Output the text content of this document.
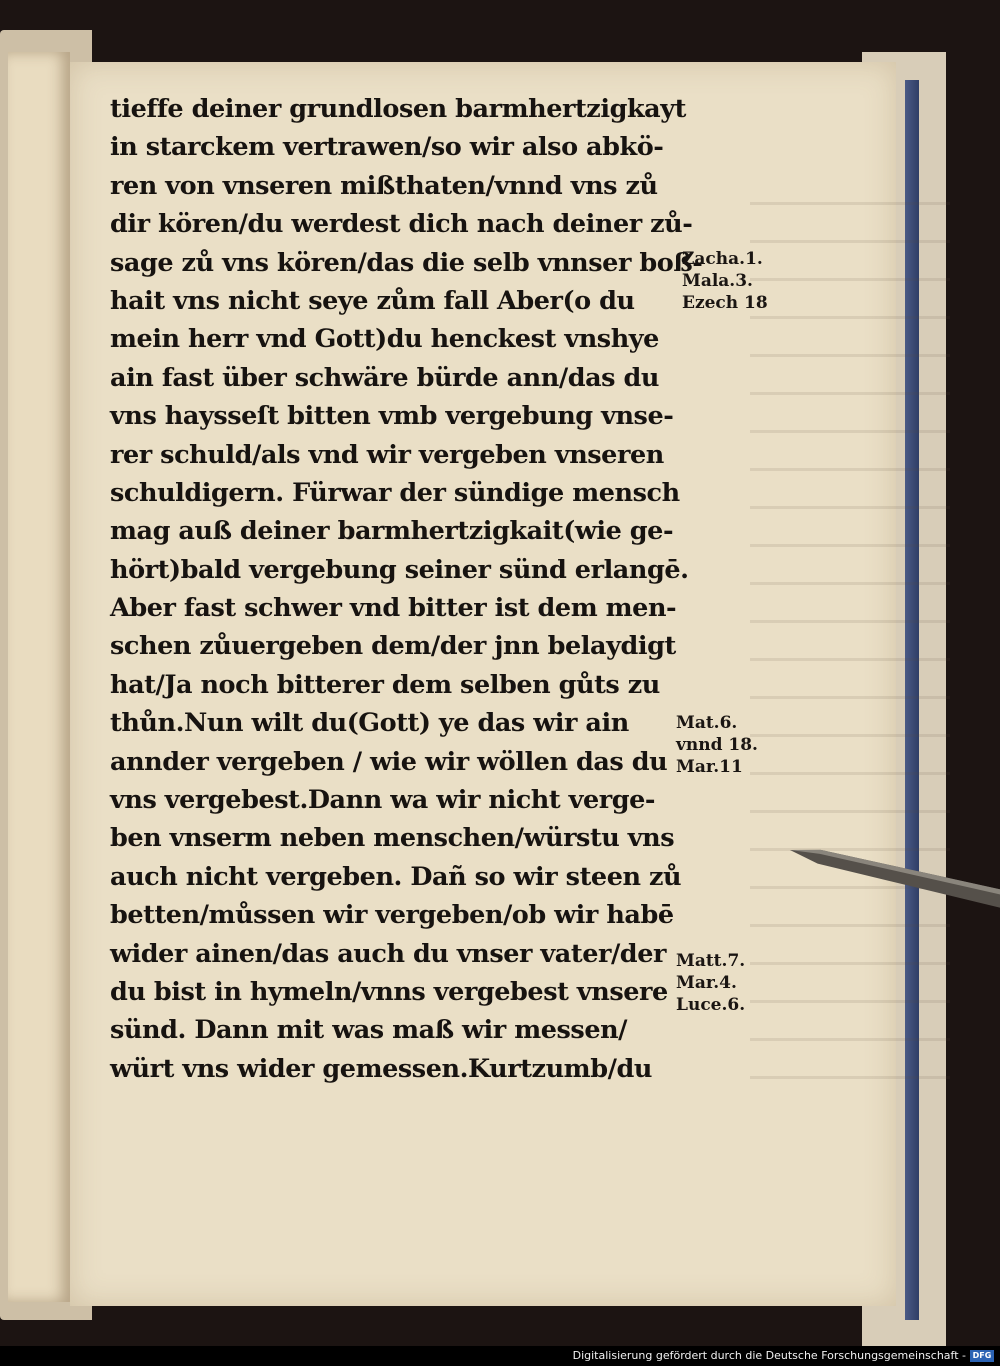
tieffe deiner grundlosen barmhertzigkayt
in starckem vertrawen/so wir also abkö-
ren von vnseren mißthaten/vnnd vns zů
dir kören/du werdest dich nach deiner zů-
sage zů vns kören/das die selb vnnser boß-
hait vns nicht seye zům fall Aber(o du
mein herr vnd Gott)du henckest vnshye
ain fast über schwäre bürde ann/das du
vns haysseſt bitten vmb vergebung vnse-
rer schuld/als vnd wir vergeben vnseren
schuldigern. Fürwar der sündige mensch
mag auß deiner barmhertzigkait(wie ge-
hört)bald vergebung seiner sünd erlangē.
Aber fast schwer vnd bitter ist dem men-
schen zůuergeben dem/der jnn belaydigt
hat/Ja noch bitterer dem selben gůts zu
thůn.Nun wilt du(Gott) ye das wir ain
annder vergeben / wie wir wöllen das du
vns vergebest.Dann wa wir nicht verge-
ben vnserm neben menschen/würstu vns
auch nicht vergeben. Dañ so wir steen zů
betten/můssen wir vergeben/ob wir habē
wider ainen/das auch du vnser vater/der
du bist in hymeln/vnns vergebest vnsere
sünd. Dann mit was maß wir messen/
würt vns wider gemessen.Kurtzumb/du
Zacha.1.
Mala.3.
Ezech 18
Mat.6.
vnnd 18.
Mar.11
Matt.7.
Mar.4.
Luce.6.
Digitalisierung gefördert durch die Deutsche Forschungsgemeinschaft - DFG
